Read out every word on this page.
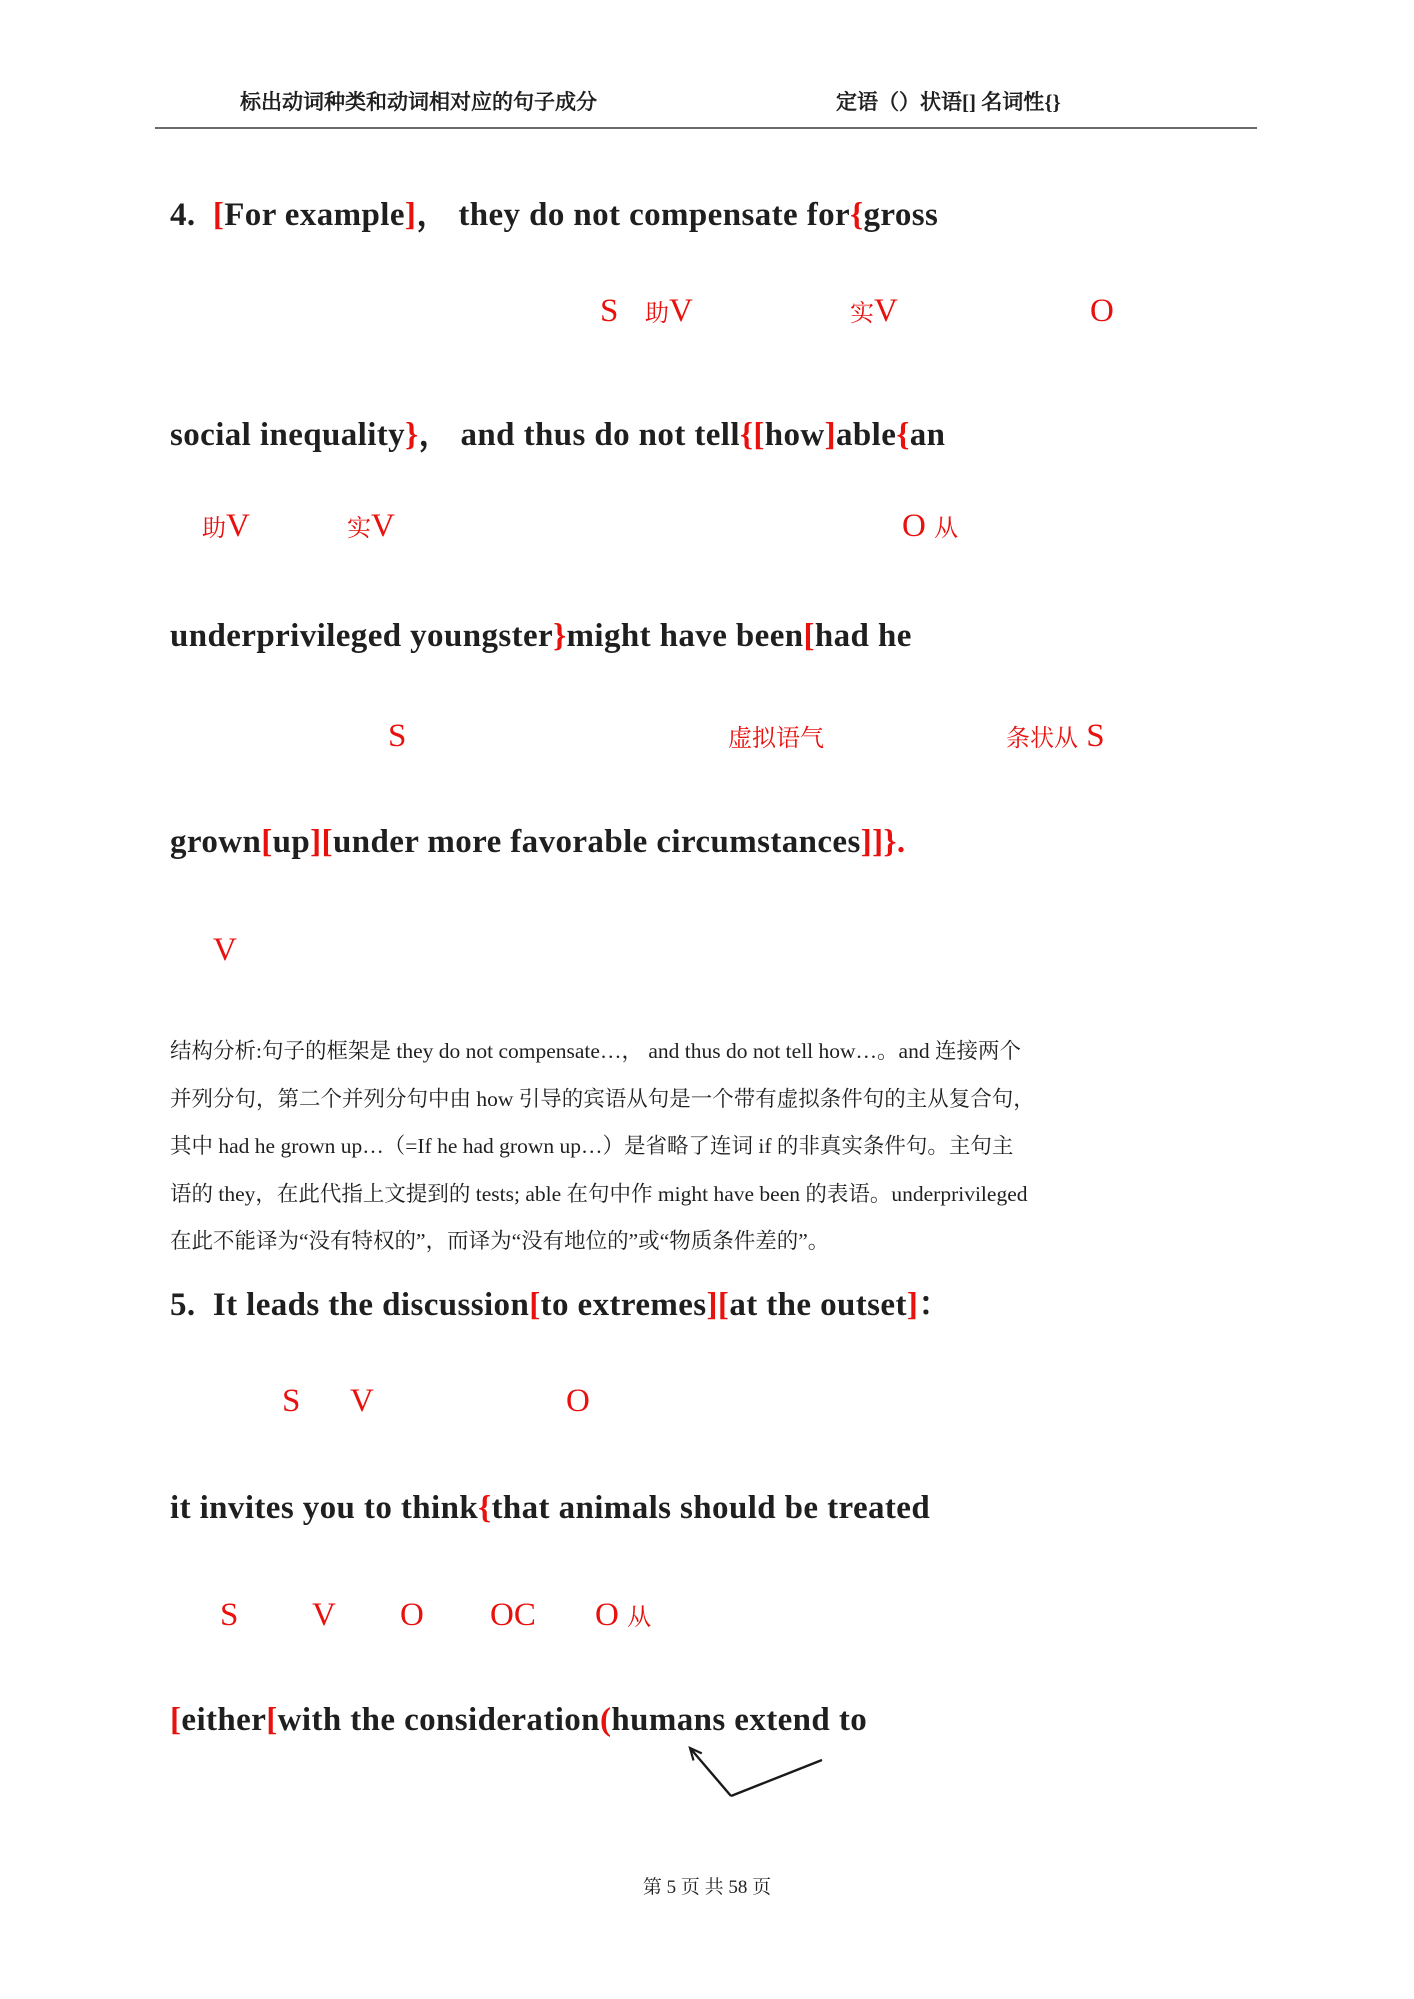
标出动词种类和动词相对应的句子成分	定语（）状语[] 名词性{}
4.  [For example]， they do not compensate for{gross
S 助V	实V	O
social inequality}， and thus do not tell{[how]able{an
助V	实V	O 从
underprivileged youngster}might have been[had he
S	虚拟语气	条状从 S
grown[up][under more favorable circumstances]]}.
V
结构分析:句子的框架是 they do not compensate…， and thus do not tell how…。and 连接两个
并列分句，第二个并列分句中由 how 引导的宾语从句是一个带有虚拟条件句的主从复合句，
其中 had he grown up…（=If he had grown up…）是省略了连词 if 的非真实条件句。主句主
语的 they，在此代指上文提到的 tests; able 在句中作 might have been 的表语。underprivileged
在此不能译为“没有特权的”，而译为“没有地位的”或“物质条件差的”。
5.  It leads the discussion[to extremes][at the outset]：
S V	O
it invites you to think{that animals should be treated
S V O OC O 从
[either[with the consideration(humans extend to
第 5 页 共 58 页
